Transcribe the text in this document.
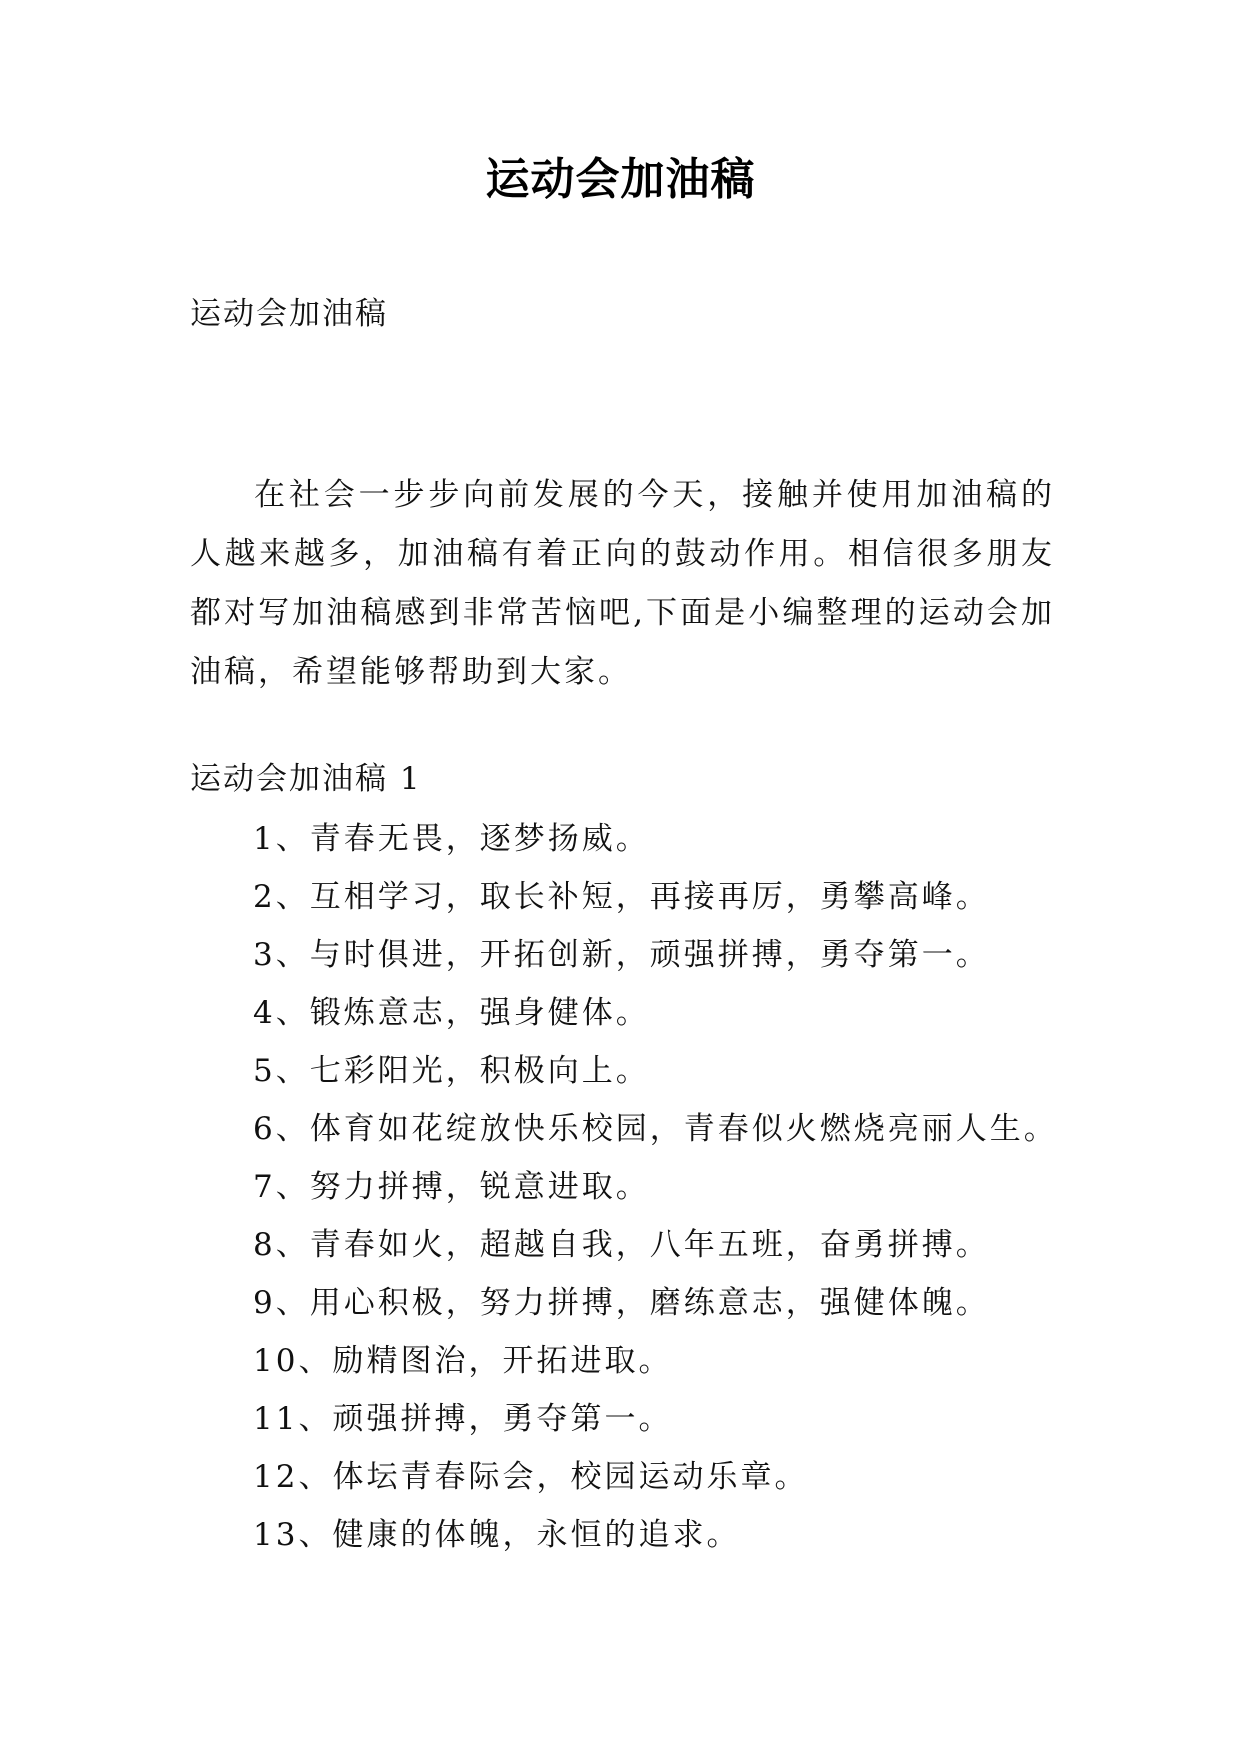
运动会加油稿
运动会加油稿

在社会一步步向前发展的今天，接触并使用加油稿的人越来越多，加油稿有着正向的鼓动作用。相信很多朋友都对写加油稿感到非常苦恼吧,下面是小编整理的运动会加油稿，希望能够帮助到大家。

运动会加油稿 1
1、青春无畏，逐梦扬威。
2、互相学习，取长补短，再接再厉，勇攀高峰。
3、与时俱进，开拓创新，顽强拼搏，勇夺第一。
4、锻炼意志，强身健体。
5、七彩阳光，积极向上。
6、体育如花绽放快乐校园，青春似火燃烧亮丽人生。
7、努力拼搏，锐意进取。
8、青春如火，超越自我，八年五班，奋勇拼搏。
9、用心积极，努力拼搏，磨练意志，强健体魄。
10、励精图治，开拓进取。
11、顽强拼搏，勇夺第一。
12、体坛青春际会，校园运动乐章。
13、健康的体魄，永恒的追求。
